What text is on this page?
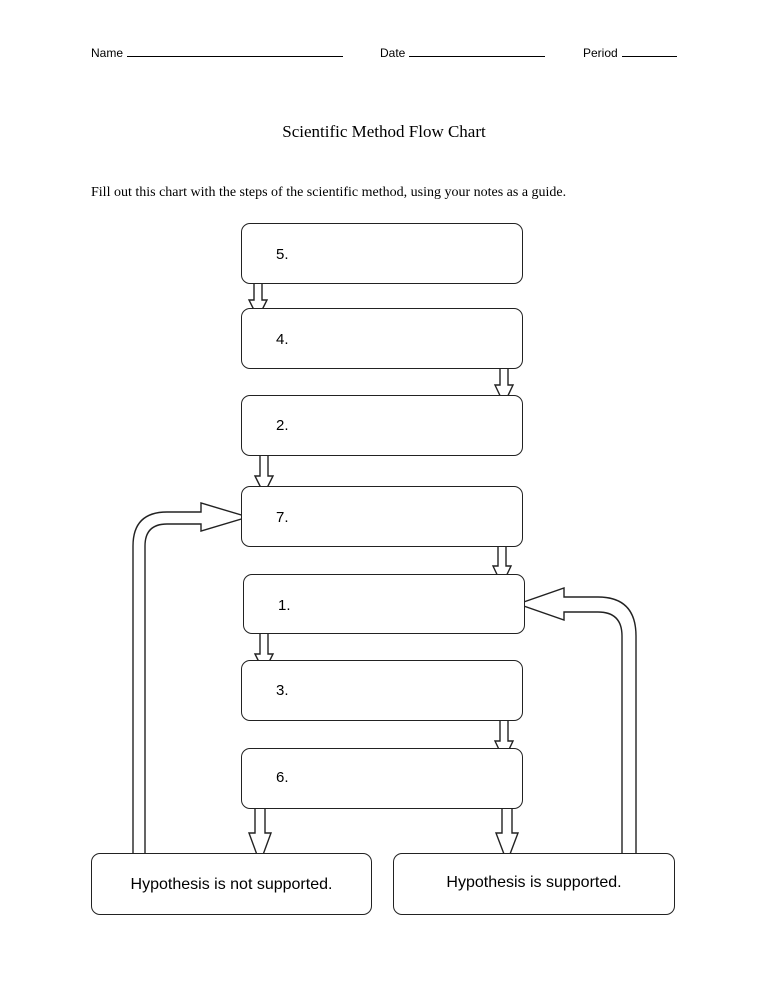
Name	Date	Period
Scientific Method Flow Chart
Fill out this chart with the steps of the scientific method, using your notes as a guide.
5.
4.
2.
7.
1.
3.
6.
Hypothesis is not supported.	Hypothesis is supported.
